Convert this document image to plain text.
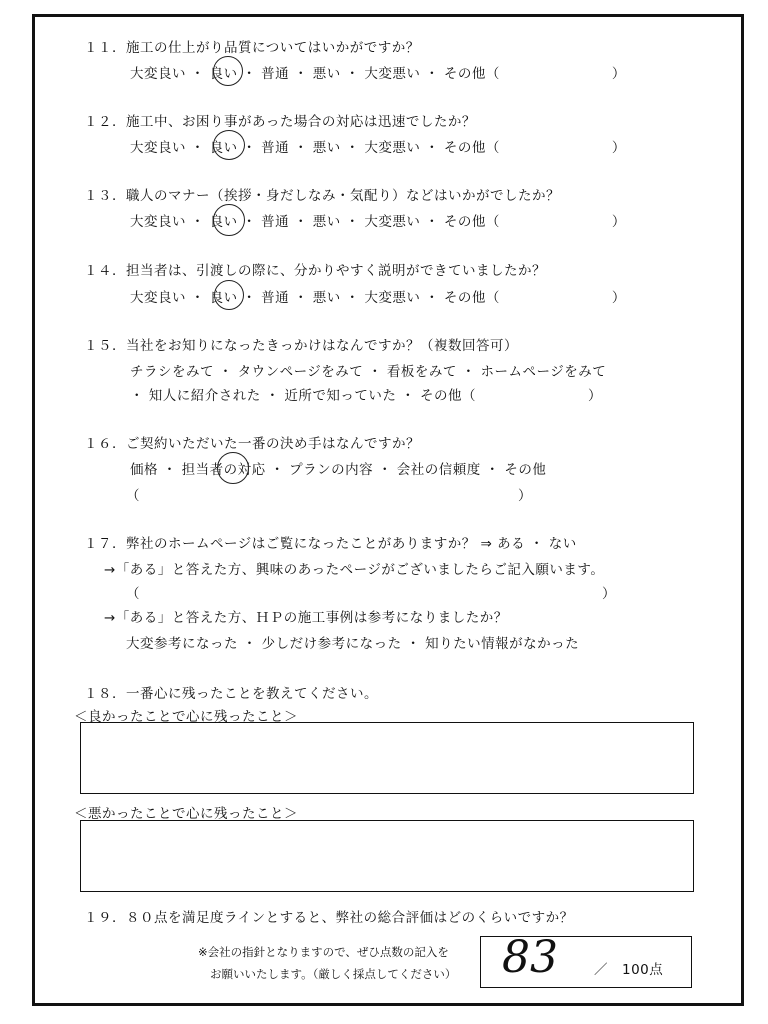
１１．施工の仕上がり品質についてはいかがですか？
大変良い ・ 良い ・ 普通 ・ 悪い ・ 大変悪い ・ その他（　　　　　　　　）
１２．施工中、お困り事があった場合の対応は迅速でしたか？
大変良い ・ 良い ・ 普通 ・ 悪い ・ 大変悪い ・ その他（　　　　　　　　）
１３．職人のマナー（挨拶・身だしなみ・気配り）などはいかがでしたか？
大変良い ・ 良い ・ 普通 ・ 悪い ・ 大変悪い ・ その他（　　　　　　　　）
１４．担当者は、引渡しの際に、分かりやすく説明ができていましたか？
大変良い ・ 良い ・ 普通 ・ 悪い ・ 大変悪い ・ その他（　　　　　　　　）
１５．当社をお知りになったきっかけはなんですか？（複数回答可）
チラシをみて ・ タウンページをみて ・ 看板をみて ・ ホームページをみて
・ 知人に紹介された ・ 近所で知っていた ・ その他（　　　　　　　　）
１６．ご契約いただいた一番の決め手はなんですか？
価格 ・ 担当者の対応 ・ プランの内容 ・ 会社の信頼度 ・ その他
（　　　　　　　　　　　　　　　　　　　　　　　　　　　）
１７．弊社のホームページはご覧になったことがありますか？ ⇒ ある ・ ない
→「ある」と答えた方、興味のあったページがございましたらご記入願います。
（　　　　　　　　　　　　　　　　　　　　　　　　　　　　　　　　　）
→「ある」と答えた方、ＨＰの施工事例は参考になりましたか？
大変参考になった ・ 少しだけ参考になった ・ 知りたい情報がなかった
１８．一番心に残ったことを教えてください。
＜良かったことで心に残ったこと＞
＜悪かったことで心に残ったこと＞
１９．８０点を満足度ラインとすると、弊社の総合評価はどのくらいですか？
※会社の指針となりますので、ぜひ点数の記入を
お願いいたします。（厳しく採点してください） 83	／　100点
